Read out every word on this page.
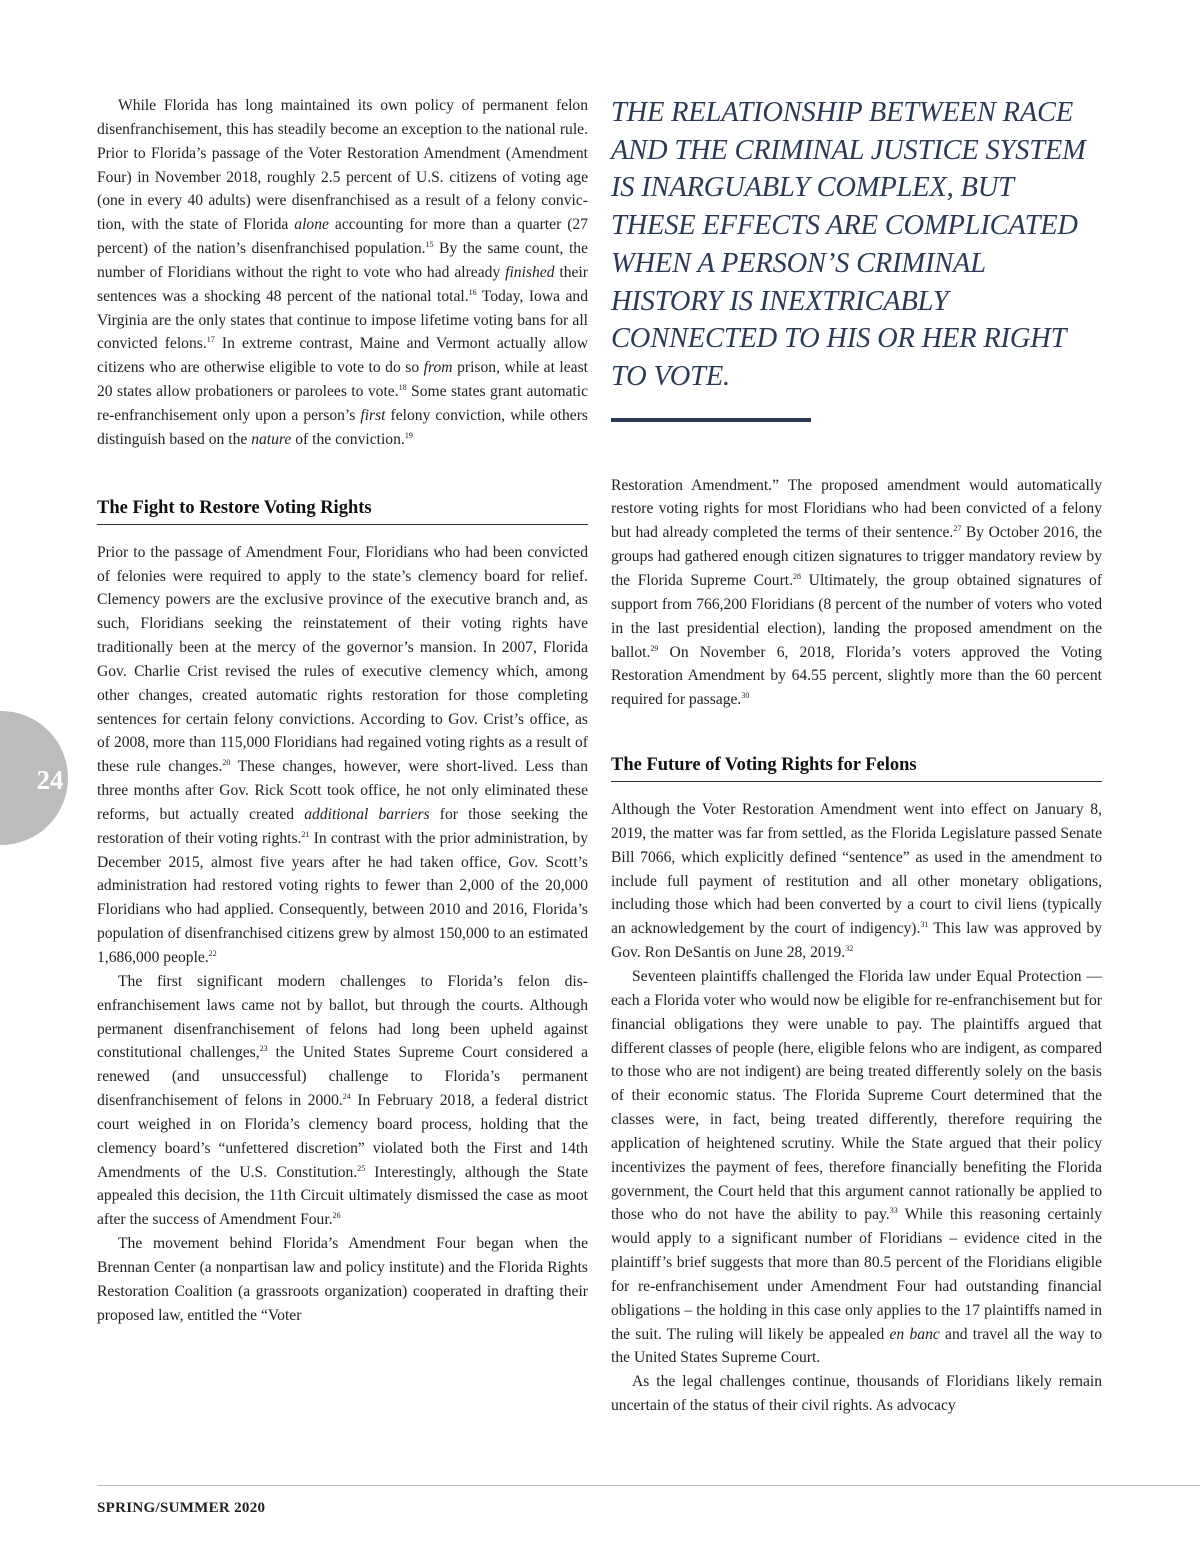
24

While Florida has long maintained its own policy of permanent felon disenfranchisement, this has steadily become an exception to the national rule. Prior to Florida’s passage of the Voter Restoration Amendment (Amendment Four) in November 2018, roughly 2.5 percent of U.S. citizens of voting age (one in every 40 adults) were disenfranchised as a result of a felony conviction, with the state of Florida alone accounting for more than a quarter (27 percent) of the nation’s disenfranchised population.$^{15}$ By the same count, the number of Floridians without the right to vote who had already finished their sentences was a shocking 48 percent of the national total.$^{16}$ Today, Iowa and Virginia are the only states that continue to impose lifetime voting bans for all convicted felons.$^{17}$ In extreme contrast, Maine and Vermont actually allow citizens who are otherwise eligible to vote to do so from prison, while at least 20 states allow probationers or parolees to vote.$^{18}$ Some states grant automatic re-enfranchisement only upon a person’s first felony conviction, while others distinguish based on the nature of the conviction.$^{19}$

The Fight to Restore Voting Rights

Prior to the passage of Amendment Four, Floridians who had been convicted of felonies were required to apply to the state’s clemency board for relief. Clemency powers are the exclusive province of the executive branch and, as such, Floridians seeking the reinstatement of their voting rights have traditionally been at the mercy of the governor’s mansion. In 2007, Florida Gov. Charlie Crist revised the rules of executive clemency which, among other changes, created automatic rights restoration for those completing sentences for certain felony convictions. According to Gov. Crist’s office, as of 2008, more than 115,000 Floridians had regained voting rights as a result of these rule changes.$^{20}$ These changes, however, were short-lived. Less than three months after Gov. Rick Scott took office, he not only eliminated these reforms, but actually created additional barriers for those seeking the restoration of their voting rights.$^{21}$ In contrast with the prior administration, by December 2015, almost five years after he had taken office, Gov. Scott’s administration had restored voting rights to fewer than 2,000 of the 20,000 Floridians who had applied. Consequently, between 2010 and 2016, Florida’s population of disenfranchised citizens grew by almost 150,000 to an estimated 1,686,000 people.$^{22}$

The first significant modern challenges to Florida’s felon disenfranchisement laws came not by ballot, but through the courts. Although permanent disenfranchisement of felons had long been upheld against constitutional challenges,$^{23}$ the United States Supreme Court considered a renewed (and unsuccessful) challenge to Florida’s permanent disenfranchisement of felons in 2000.24 In February 2018, a federal district court weighed in on Florida’s clemency board process, holding that the clemency board’s “unfettered discretion” violated both the First and 14th Amendments of the U.S. Constitution.$^{25}$ Interestingly, although the State appealed this decision, the 11th Circuit ultimately dismissed the case as moot after the success of Amendment Four.$^{26}$

The movement behind Florida’s Amendment Four began when the Brennan Center (a nonpartisan law and policy institute) and the Florida Rights Restoration Coalition (a grassroots organization) cooperated in drafting their proposed law, entitled the “Voter

THE RELATIONSHIP BETWEEN RACE AND THE CRIMINAL JUSTICE SYSTEM IS INARGUABLY COMPLEX, BUT THESE EFFECTS ARE COMPLICATED WHEN A PERSON’S CRIMINAL HISTORY IS INEXTRICABLY CONNECTED TO HIS OR HER RIGHT TO VOTE.

Restoration Amendment.” The proposed amendment would automatically restore voting rights for most Floridians who had been convicted of a felony but had already completed the terms of their sentence.$^{27}$ By October 2016, the groups had gathered enough citizen signatures to trigger mandatory review by the Florida Supreme Court.$^{28}$ Ultimately, the group obtained signatures of support from 766,200 Floridians (8 percent of the number of voters who voted in the last presidential election), landing the proposed amendment on the ballot.$^{29}$ On November 6, 2018, Florida’s voters approved the Voting Restoration Amendment by 64.55 percent, slightly more than the 60 percent required for passage.$^{30}$

The Future of Voting Rights for Felons

Although the Voter Restoration Amendment went into effect on January 8, 2019, the matter was far from settled, as the Florida Legislature passed Senate Bill 7066, which explicitly defined “sentence” as used in the amendment to include full payment of restitution and all other monetary obligations, including those which had been converted by a court to civil liens (typically an acknowledgement by the court of indigency).$^{31}$ This law was approved by Gov. Ron DeSantis on June 28, 2019.32

Seventeen plaintiffs challenged the Florida law under Equal Protection — each a Florida voter who would now be eligible for re-enfranchisement but for financial obligations they were unable to pay. The plaintiffs argued that different classes of people (here, eligible felons who are indigent, as compared to those who are not indigent) are being treated differently solely on the basis of their economic status. The Florida Supreme Court determined that the classes were, in fact, being treated differently, therefore requiring the application of heightened scrutiny. While the State argued that their policy incentivizes the payment of fees, therefore financially benefiting the Florida government, the Court held that this argument cannot rationally be applied to those who do not have the ability to pay.$^{33}$ While this reasoning certainly would apply to a significant number of Floridians – evidence cited in the plaintiff’s brief suggests that more than 80.5 percent of the Floridians eligible for re-enfranchisement under Amendment Four had outstanding financial obligations – the holding in this case only applies to the 17 plaintiffs named in the suit. The ruling will likely be appealed en banc and travel all the way to the United States Supreme Court.

As the legal challenges continue, thousands of Floridians likely remain uncertain of the status of their civil rights. As advocacy

SPRING/SUMMER 2020
